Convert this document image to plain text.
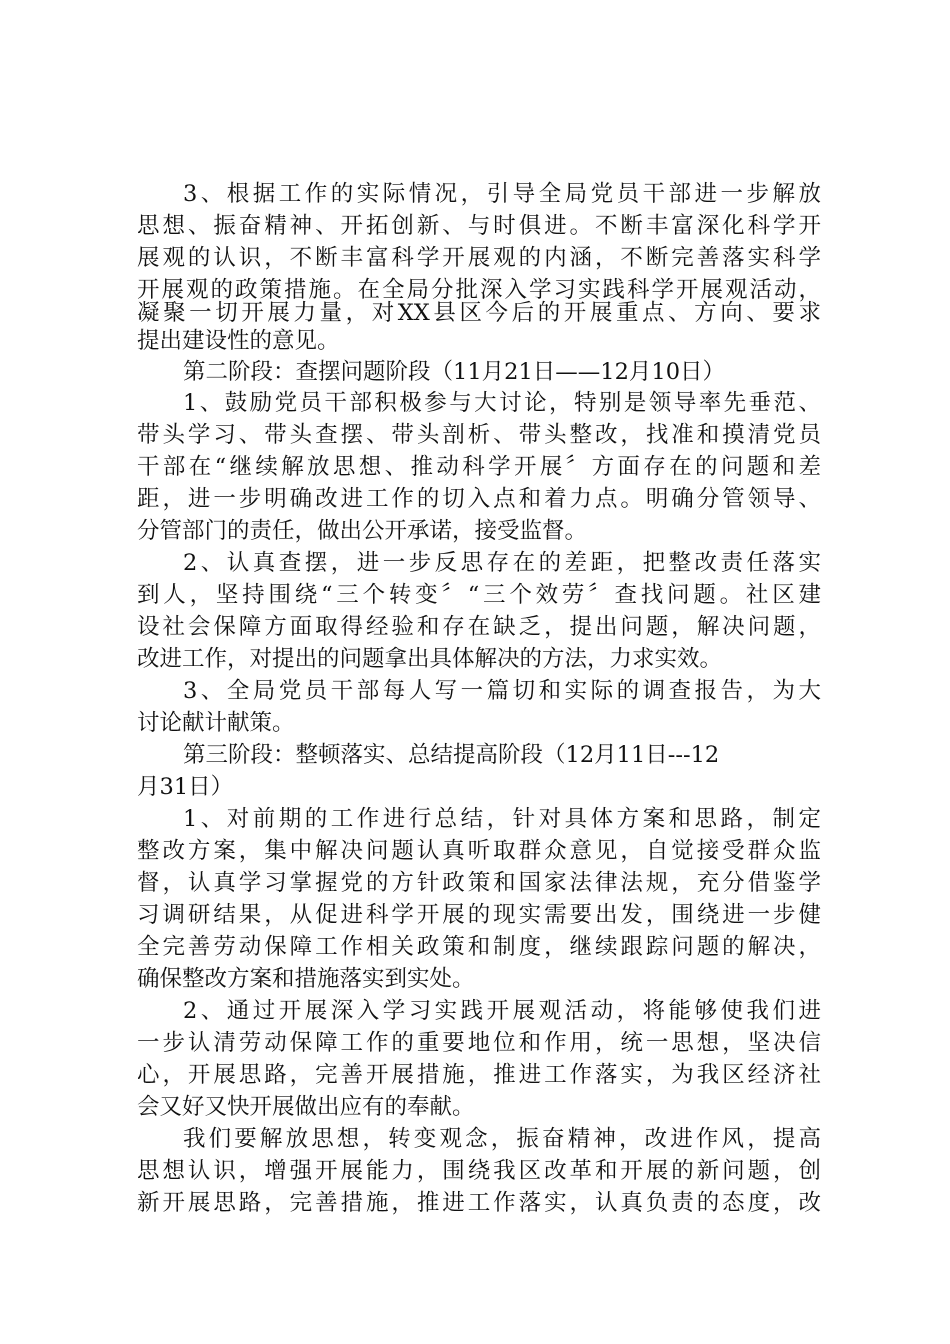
3、根据工作的实际情况，引导全局党员干部进一步解放
思想、振奋精神、开拓创新、与时俱进。不断丰富深化科学开
展观的认识，不断丰富科学开展观的内涵，不断完善落实科学
开展观的政策措施。在全局分批深入学习实践科学开展观活动，
凝聚一切开展力量，对XX县区今后的开展重点、方向、要求
提出建设性的意见。
第二阶段：查摆问题阶段（11月21日——12月10日）
1、鼓励党员干部积极参与大讨论，特别是领导率先垂范、
带头学习、带头查摆、带头剖析、带头整改，找准和摸清党员
干部在“继续解放思想、推动科学开展〞方面存在的问题和差
距，进一步明确改进工作的切入点和着力点。明确分管领导、
分管部门的责任，做出公开承诺，接受监督。
2、认真查摆，进一步反思存在的差距，把整改责任落实
到人，坚持围绕“三个转变〞“三个效劳〞查找问题。社区建
设社会保障方面取得经验和存在缺乏，提出问题，解决问题，
改进工作，对提出的问题拿出具体解决的方法，力求实效。
3、全局党员干部每人写一篇切和实际的调查报告，为大
讨论献计献策。
第三阶段：整顿落实、总结提高阶段（12月11日---12
月31日）
1、对前期的工作进行总结，针对具体方案和思路，制定
整改方案，集中解决问题认真听取群众意见，自觉接受群众监
督，认真学习掌握党的方针政策和国家法律法规，充分借鉴学
习调研结果，从促进科学开展的现实需要出发，围绕进一步健
全完善劳动保障工作相关政策和制度，继续跟踪问题的解决，
确保整改方案和措施落实到实处。
2、通过开展深入学习实践开展观活动，将能够使我们进
一步认清劳动保障工作的重要地位和作用，统一思想，坚决信
心，开展思路，完善开展措施，推进工作落实，为我区经济社
会又好又快开展做出应有的奉献。
我们要解放思想，转变观念，振奋精神，改进作风，提高
思想认识，增强开展能力，围绕我区改革和开展的新问题，创
新开展思路，完善措施，推进工作落实，认真负责的态度，改
